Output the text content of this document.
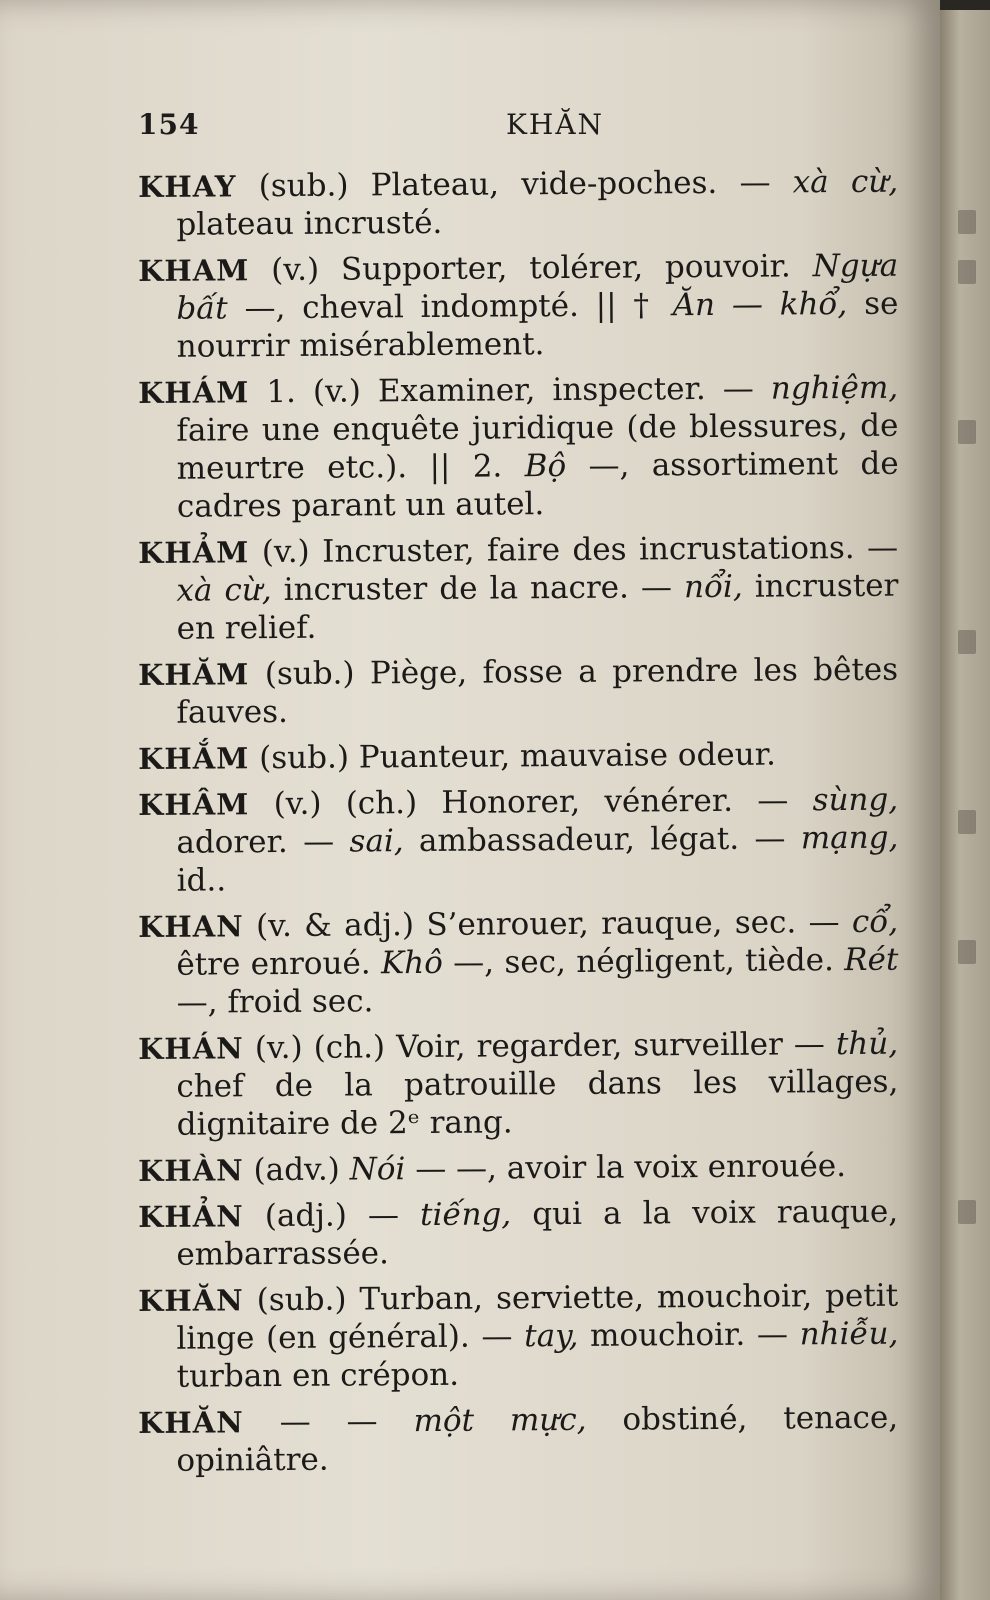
154	KHĂN

KHAY (sub.) Plateau, vide-poches. — xà cừ, plateau incrusté.

KHAM (v.) Supporter, tolérer, pouvoir. Ngựa bất —, cheval indompté. || † Ăn — khổ, se nourrir misérablement.

KHÁM 1. (v.) Examiner, inspecter. — nghiệm, faire une enquête juridique (de blessures, de meurtre etc.). || 2. Bộ —, assortiment de cadres parant un autel.

KHẢM (v.) Incruster, faire des incrustations. — xà cừ, incruster de la nacre. — nổi, incruster en relief.

KHĂM (sub.) Piège, fosse a prendre les bêtes fauves.

KHẮM (sub.) Puanteur, mauvaise odeur.

KHÂM (v.) (ch.) Honorer, vénérer. — sùng, adorer. — sai, ambassadeur, légat. — mạng, id..

KHAN (v. & adj.) S’enrouer, rauque, sec. — cổ, être enroué. Khô —, sec, négligent, tiède. Rét —, froid sec.

KHÁN (v.) (ch.) Voir, regarder, surveiller — thủ, chef de la patrouille dans les villages, dignitaire de 2ᵉ rang.

KHÀN (adv.) Nói — —, avoir la voix enrouée.

KHẢN (adj.) — tiếng, qui a la voix rauque, embarrassée.

KHĂN (sub.) Turban, serviette, mouchoir, petit linge (en général). — tay, mouchoir. — nhiễu, turban en crépon.

KHĂN — — một mực, obstiné, tenace, opiniâtre.
